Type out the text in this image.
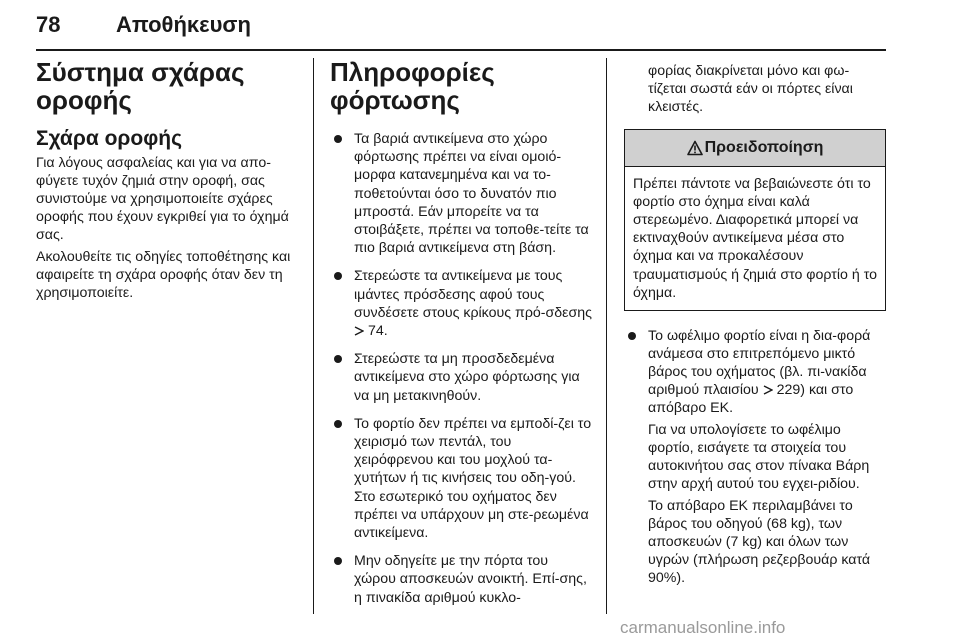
78	Αποθήκευση
Σύστημα σχάρας
οροφής
Σχάρα οροφής

Για λόγους ασφαλείας και για να απο-φύγετε τυχόν ζημιά στην οροφή, σας συνιστούμε να χρησιμοποιείτε σχάρες οροφής που έχουν εγκριθεί για το όχημά σας.

Ακολουθείτε τις οδηγίες τοποθέτησης και αφαιρείτε τη σχάρα οροφής όταν δεν τη χρησιμοποιείτε.

Πληροφορίες
φόρτωσης
Τα βαριά αντικείμενα στο χώρο φόρτωσης πρέπει να είναι ομοιό-μορφα κατανεμημένα και να το-ποθετούνται όσο το δυνατόν πιο μπροστά. Εάν μπορείτε να τα στοιβάξετε, πρέπει να τοποθε-τείτε τα πιο βαριά αντικείμενα στη βάση.
Στερεώστε τα αντικείμενα με τους ιμάντες πρόσδεσης αφού τους συνδέσετε στους κρίκους πρό-σδεσης  74.
Στερεώστε τα μη προσδεδεμένα αντικείμενα στο χώρο φόρτωσης για να μη μετακινηθούν.
Το φορτίο δεν πρέπει να εμποδί-ζει το χειρισμό των πεντάλ, του χειρόφρενου και του μοχλού τα-χυτήτων ή τις κινήσεις του οδη-γού. Στο εσωτερικό του οχήματος δεν πρέπει να υπάρχουν μη στε-ρεωμένα αντικείμενα.
Μην οδηγείτε με την πόρτα του χώρου αποσκευών ανοικτή. Επί-σης, η πινακίδα αριθμού κυκλο-

φορίας διακρίνεται μόνο και φω-τίζεται σωστά εάν οι πόρτες είναι κλειστές.

Προειδοποίηση
Πρέπει πάντοτε να βεβαιώνεστε ότι το φορτίο στο όχημα είναι καλά στερεωμένο. Διαφορετικά μπορεί να εκτιναχθούν αντικείμενα μέσα στο όχημα και να προκαλέσουν τραυματισμούς ή ζημιά στο φορτίο ή το όχημα.

Το ωφέλιμο φορτίο είναι η δια-φορά ανάμεσα στο επιτρεπόμενο μικτό βάρος του οχήματος (βλ. πι-νακίδα αριθμού πλαισίου 229) και στο απόβαρο ΕΚ.

Για να υπολογίσετε το ωφέλιμο φορτίο, εισάγετε τα στοιχεία του αυτοκινήτου σας στον πίνακα Βάρη στην αρχή αυτού του εγχει-ριδίου.

Το απόβαρο ΕΚ περιλαμβάνει το βάρος του οδηγού (68 kg), των αποσκευών (7 kg) και όλων των υγρών (πλήρωση ρεζερβουάρ κατά 90%).

carmanualsonline.info
